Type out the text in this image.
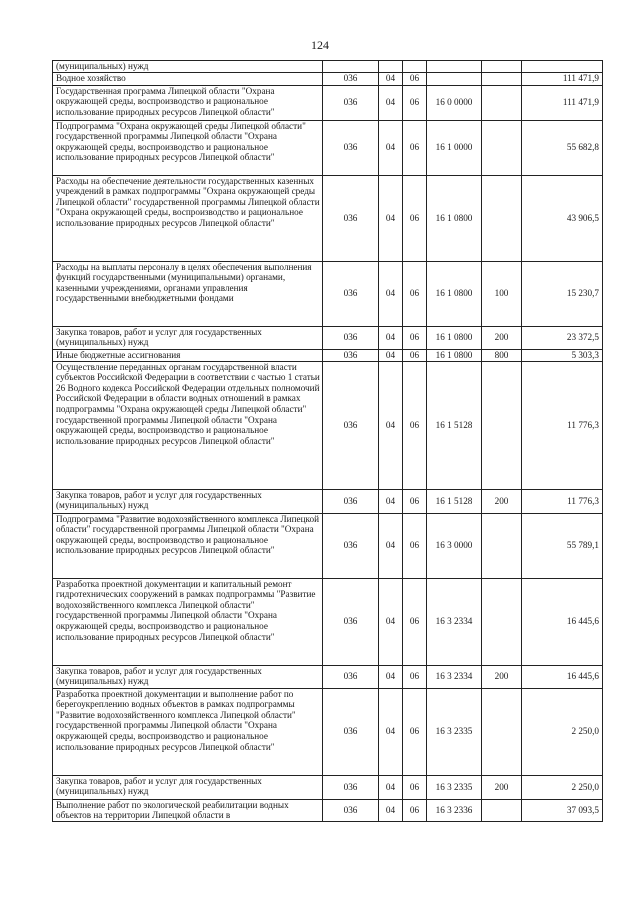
124
(муниципальных) нужд						
Водное хозяйство	036	04	06			111 471,9
Государственная программа Липецкой области "Охрана окружающей среды, воспроизводство и рациональное использование природных ресурсов Липецкой области"	036	04	06	16 0 0000		111 471,9
Подпрограмма "Охрана окружающей среды Липецкой области" государственной программы Липецкой области "Охрана окружающей среды, воспроизводство и рациональное использование природных ресурсов Липецкой области"	036	04	06	16 1 0000		55 682,8
Расходы на обеспечение деятельности государственных казенных учреждений в рамках подпрограммы "Охрана окружающей среды Липецкой области" государственной программы Липецкой области "Охрана окружающей среды, воспроизводство и рациональное использование природных ресурсов Липецкой области"	036	04	06	16 1 0800		43 906,5
Расходы на выплаты персоналу в целях обеспечения выполнения функций государственными (муниципальными) органами, казенными учреждениями, органами управления государственными внебюджетными фондами	036	04	06	16 1 0800	100	15 230,7
Закупка товаров, работ и услуг для государственных (муниципальных) нужд	036	04	06	16 1 0800	200	23 372,5
Иные бюджетные ассигнования	036	04	06	16 1 0800	800	5 303,3
Осуществление переданных органам государственной власти субъектов Российской Федерации в соответствии с частью 1 статьи 26 Водного кодекса Российской Федерации отдельных полномочий Российской Федерации в области водных отношений в рамках подпрограммы "Охрана окружающей среды Липецкой области" государственной программы Липецкой области "Охрана окружающей среды, воспроизводство и рациональное использование природных ресурсов Липецкой области"	036	04	06	16 1 5128		11 776,3
Закупка товаров, работ и услуг для государственных (муниципальных) нужд	036	04	06	16 1 5128	200	11 776,3
Подпрограмма "Развитие водохозяйственного комплекса Липецкой области" государственной программы Липецкой области "Охрана окружающей среды, воспроизводство и рациональное использование природных ресурсов Липецкой области"	036	04	06	16 3 0000		55 789,1
Разработка проектной документации и капитальный ремонт гидротехнических сооружений в рамках подпрограммы "Развитие водохозяйственного комплекса Липецкой области" государственной программы Липецкой области "Охрана окружающей среды, воспроизводство и рациональное использование природных ресурсов Липецкой области"	036	04	06	16 3 2334		16 445,6
Закупка товаров, работ и услуг для государственных (муниципальных) нужд	036	04	06	16 3 2334	200	16 445,6
Разработка проектной документации и выполнение работ по берегоукреплению водных объектов в рамках подпрограммы "Развитие водохозяйственного комплекса Липецкой области" государственной программы Липецкой области "Охрана окружающей среды, воспроизводство и рациональное использование природных ресурсов Липецкой области"	036	04	06	16 3 2335		2 250,0
Закупка товаров, работ и услуг для государственных (муниципальных) нужд	036	04	06	16 3 2335	200	2 250,0
Выполнение работ по экологической реабилитации водных объектов на территории Липецкой области в	036	04	06	16 3 2336		37 093,5
